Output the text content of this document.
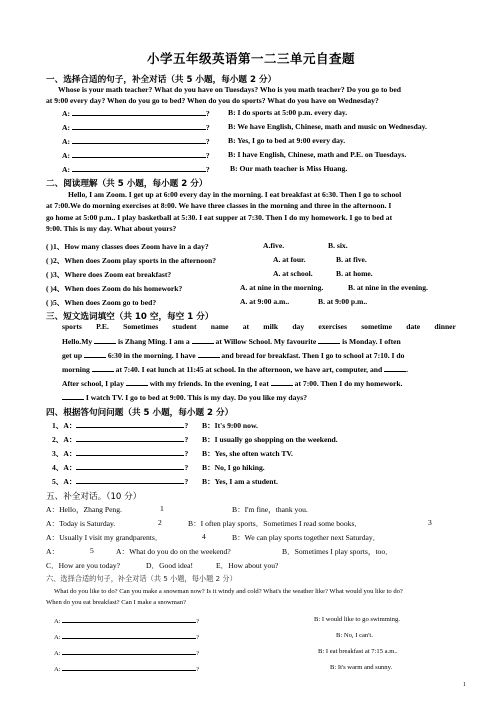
小学五年级英语第一二三单元自查题
一、选择合适的句子，补全对话（共 5 小题，每小题 2 分）
Whose is your math teacher? What do you have on Tuesdays? Who is you math teacher? Do you go to bed
at 9:00 every day? When do you go to bed? When do you do sports? What do you have on Wednesday?
A:	? B: I do sports at 5:00 p.m. every day.
A:	? B: We have English, Chinese, math and music on Wednesday.
A:	? B: Yes, I go to bed at 9:00 every day.
A:	? B: I have English, Chinese, math and P.E. on Tuesdays.
A:	?	B: Our math teacher is Miss Huang.
二、阅读理解（共 5 小题，每小题 2 分）
Hello, I am Zoom. I get up at 6:00 every day in the morning. I eat breakfast at 6:30. Then I go to school
at 7:00.We do morning exercises at 8:00. We have three classes in the morning and three in the afternoon. I
go home at 5:00 p.m.. I play basketball at 5:30. I eat supper at 7:30. Then I do my homework. I go to bed at
9:00. This is my day. What about yours?
( )1、How many classes does Zoom have in a day?	A.five.	B. six.
( )2、When does Zoom play sports in the afternoon?	A. at four.	B. at five.
( )3、Where does Zoom eat breakfast?	A. at school.	B. at home.
( )4、When does Zoom do his homework?	A. at nine in the morning.	B. at nine in the evening.
( )5、When does Zoom go to bed?	A. at 9:00 a.m..	B. at 9:00 p.m..
三、短文选词填空（共 10 空，每空 1 分）
sports P.E. Sometimes student name at milk day exercises sometime date dinner
Hello.My	is Zhang Ming. I am a	at Willow School. My favourite	is Monday. I often
get up	6:30 in the morning. I have	and bread for breakfast. Then I go to school at 7:10. I do
morning	at 7:40. I eat lunch at 11:45 at school. In the afternoon, we have art, computer, and	.
After school, I play	with my friends. In the evening, I eat	at 7:00. Then I do my homework.
I watch TV. I go to bed at 9:00. This is my day. Do you like my days?
四、根据答句问问题（共 5 小题，每小题 2 分）
1、A：	? B：It's 9:00 now.
2、A：	? B：I usually go shopping on the weekend.
3、A：	? B：Yes, she often watch TV.
4、A：	? B：No, I go hiking.
5、A：	? B：Yes, I am a student.
五、补全对话。（10 分）
A：Hello，Zhang Peng.	1	B：I'm fine，thank you.
A：Today is Saturday.	2	B：I often play sports．Sometimes I read some books．	3
A：Usually I visit my grandparents．	4	B：We can play sports together next Saturday．
A：	5	A：What do you do on the weekend?	B．Sometimes I play sports，too．
C．How are you today?	D．Good idea!	E．How about you?
六、选择合适的句子，补全对话（共 5 小题，每小题 2 分）
What do you like to do? Can you make a snowman now? Is it windy and cold? What's the weather like? What would you like to do?
When do you eat breakfast? Can I make a snowman?
A:	?	B: I would like to go swimming.
A:	?	B: No, I can't.
A:	?	B: I eat breakfast at 7:15 a.m..
A:	?	B: It's warm and sunny.
1
